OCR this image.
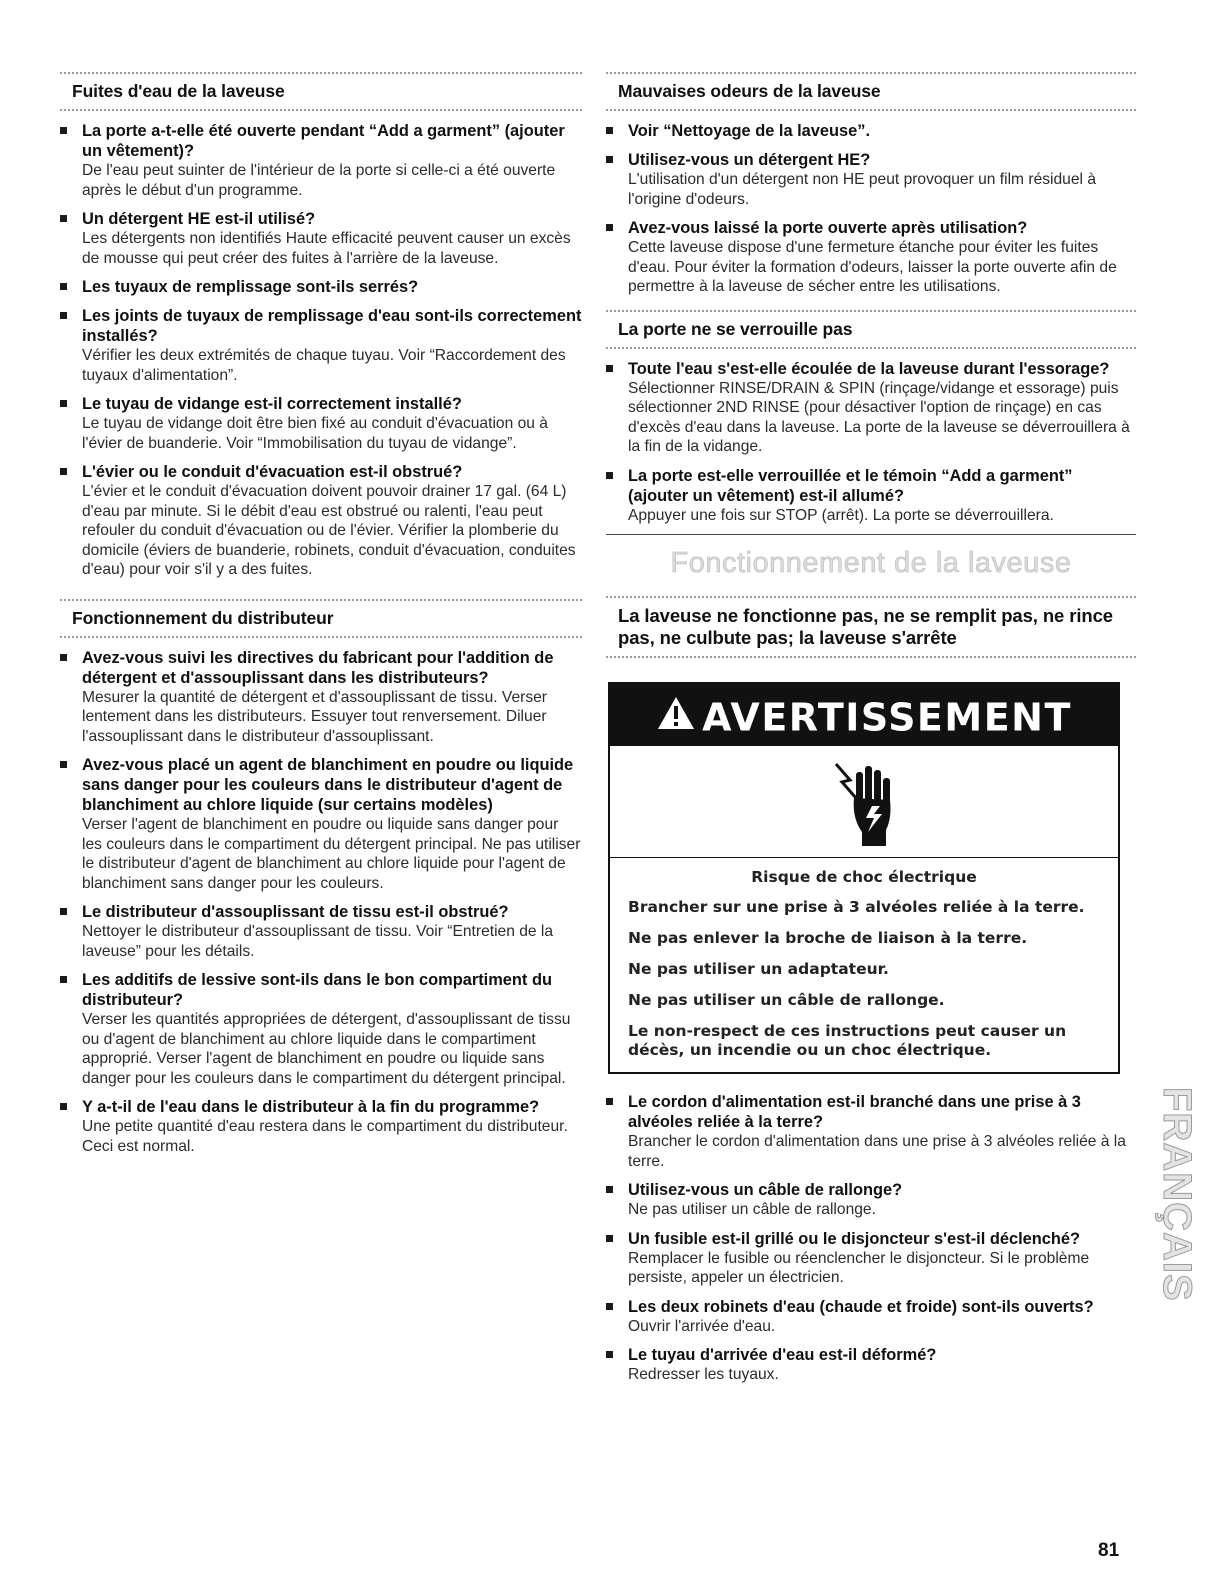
Fuites d'eau de la laveuse
La porte a-t-elle été ouverte pendant “Add a garment” (ajouter un vêtement)?
De l'eau peut suinter de l'intérieur de la porte si celle-ci a été ouverte après le début d'un programme.
Un détergent HE est-il utilisé?
Les détergents non identifiés Haute efficacité peuvent causer un excès de mousse qui peut créer des fuites à l'arrière de la laveuse.
Les tuyaux de remplissage sont-ils serrés?
Les joints de tuyaux de remplissage d'eau sont-ils correctement installés?
Vérifier les deux extrémités de chaque tuyau. Voir “Raccordement des tuyaux d'alimentation”.
Le tuyau de vidange est-il correctement installé?
Le tuyau de vidange doit être bien fixé au conduit d'évacuation ou à l'évier de buanderie. Voir “Immobilisation du tuyau de vidange”.
L'évier ou le conduit d'évacuation est-il obstrué?
L'évier et le conduit d'évacuation doivent pouvoir drainer 17 gal. (64 L) d'eau par minute. Si le débit d'eau est obstrué ou ralenti, l'eau peut refouler du conduit d'évacuation ou de l'évier. Vérifier la plomberie du domicile (éviers de buanderie, robinets, conduit d'évacuation, conduites d'eau) pour voir s'il y a des fuites.
Fonctionnement du distributeur
Avez-vous suivi les directives du fabricant pour l'addition de détergent et d'assouplissant dans les distributeurs?
Mesurer la quantité de détergent et d'assouplissant de tissu. Verser lentement dans les distributeurs. Essuyer tout renversement. Diluer l'assouplissant dans le distributeur d'assouplissant.
Avez-vous placé un agent de blanchiment en poudre ou liquide sans danger pour les couleurs dans le distributeur d'agent de blanchiment au chlore liquide (sur certains modèles)
Verser l'agent de blanchiment en poudre ou liquide sans danger pour les couleurs dans le compartiment du détergent principal. Ne pas utiliser le distributeur d'agent de blanchiment au chlore liquide pour l'agent de blanchiment sans danger pour les couleurs.
Le distributeur d'assouplissant de tissu est-il obstrué?
Nettoyer le distributeur d'assouplissant de tissu. Voir “Entretien de la laveuse” pour les détails.
Les additifs de lessive sont-ils dans le bon compartiment du distributeur?
Verser les quantités appropriées de détergent, d'assouplissant de tissu ou d'agent de blanchiment au chlore liquide dans le compartiment approprié. Verser l'agent de blanchiment en poudre ou liquide sans danger pour les couleurs dans le compartiment du détergent principal.
Y a-t-il de l'eau dans le distributeur à la fin du programme?
Une petite quantité d'eau restera dans le compartiment du distributeur. Ceci est normal.
Mauvaises odeurs de la laveuse
Voir “Nettoyage de la laveuse”.
Utilisez-vous un détergent HE?
L'utilisation d'un détergent non HE peut provoquer un film résiduel à l'origine d'odeurs.
Avez-vous laissé la porte ouverte après utilisation?
Cette laveuse dispose d'une fermeture étanche pour éviter les fuites d'eau. Pour éviter la formation d'odeurs, laisser la porte ouverte afin de permettre à la laveuse de sécher entre les utilisations.
La porte ne se verrouille pas
Toute l'eau s'est-elle écoulée de la laveuse durant l'essorage?
Sélectionner RINSE/DRAIN & SPIN (rinçage/vidange et essorage) puis sélectionner 2ND RINSE (pour désactiver l'option de rinçage) en cas d'excès d'eau dans la laveuse. La porte de la laveuse se déverrouillera à la fin de la vidange.
La porte est-elle verrouillée et le témoin “Add a garment” (ajouter un vêtement) est-il allumé?
Appuyer une fois sur STOP (arrêt). La porte se déverrouillera.
Fonctionnement de la laveuse
La laveuse ne fonctionne pas, ne se remplit pas, ne rince pas, ne culbute pas; la laveuse s'arrête
AVERTISSEMENT
Risque de choc électrique
Brancher sur une prise à 3 alvéoles reliée à la terre.
Ne pas enlever la broche de liaison à la terre.
Ne pas utiliser un adaptateur.
Ne pas utiliser un câble de rallonge.
Le non-respect de ces instructions peut causer un décès, un incendie ou un choc électrique.
Le cordon d'alimentation est-il branché dans une prise à 3 alvéoles reliée à la terre?
Brancher le cordon d'alimentation dans une prise à 3 alvéoles reliée à la terre.
Utilisez-vous un câble de rallonge?
Ne pas utiliser un câble de rallonge.
Un fusible est-il grillé ou le disjoncteur s'est-il déclenché?
Remplacer le fusible ou réenclencher le disjoncteur. Si le problème persiste, appeler un électricien.
Les deux robinets d'eau (chaude et froide) sont-ils ouverts?
Ouvrir l'arrivée d'eau.
Le tuyau d'arrivée d'eau est-il déformé?
Redresser les tuyaux.
FRANÇAIS
81
